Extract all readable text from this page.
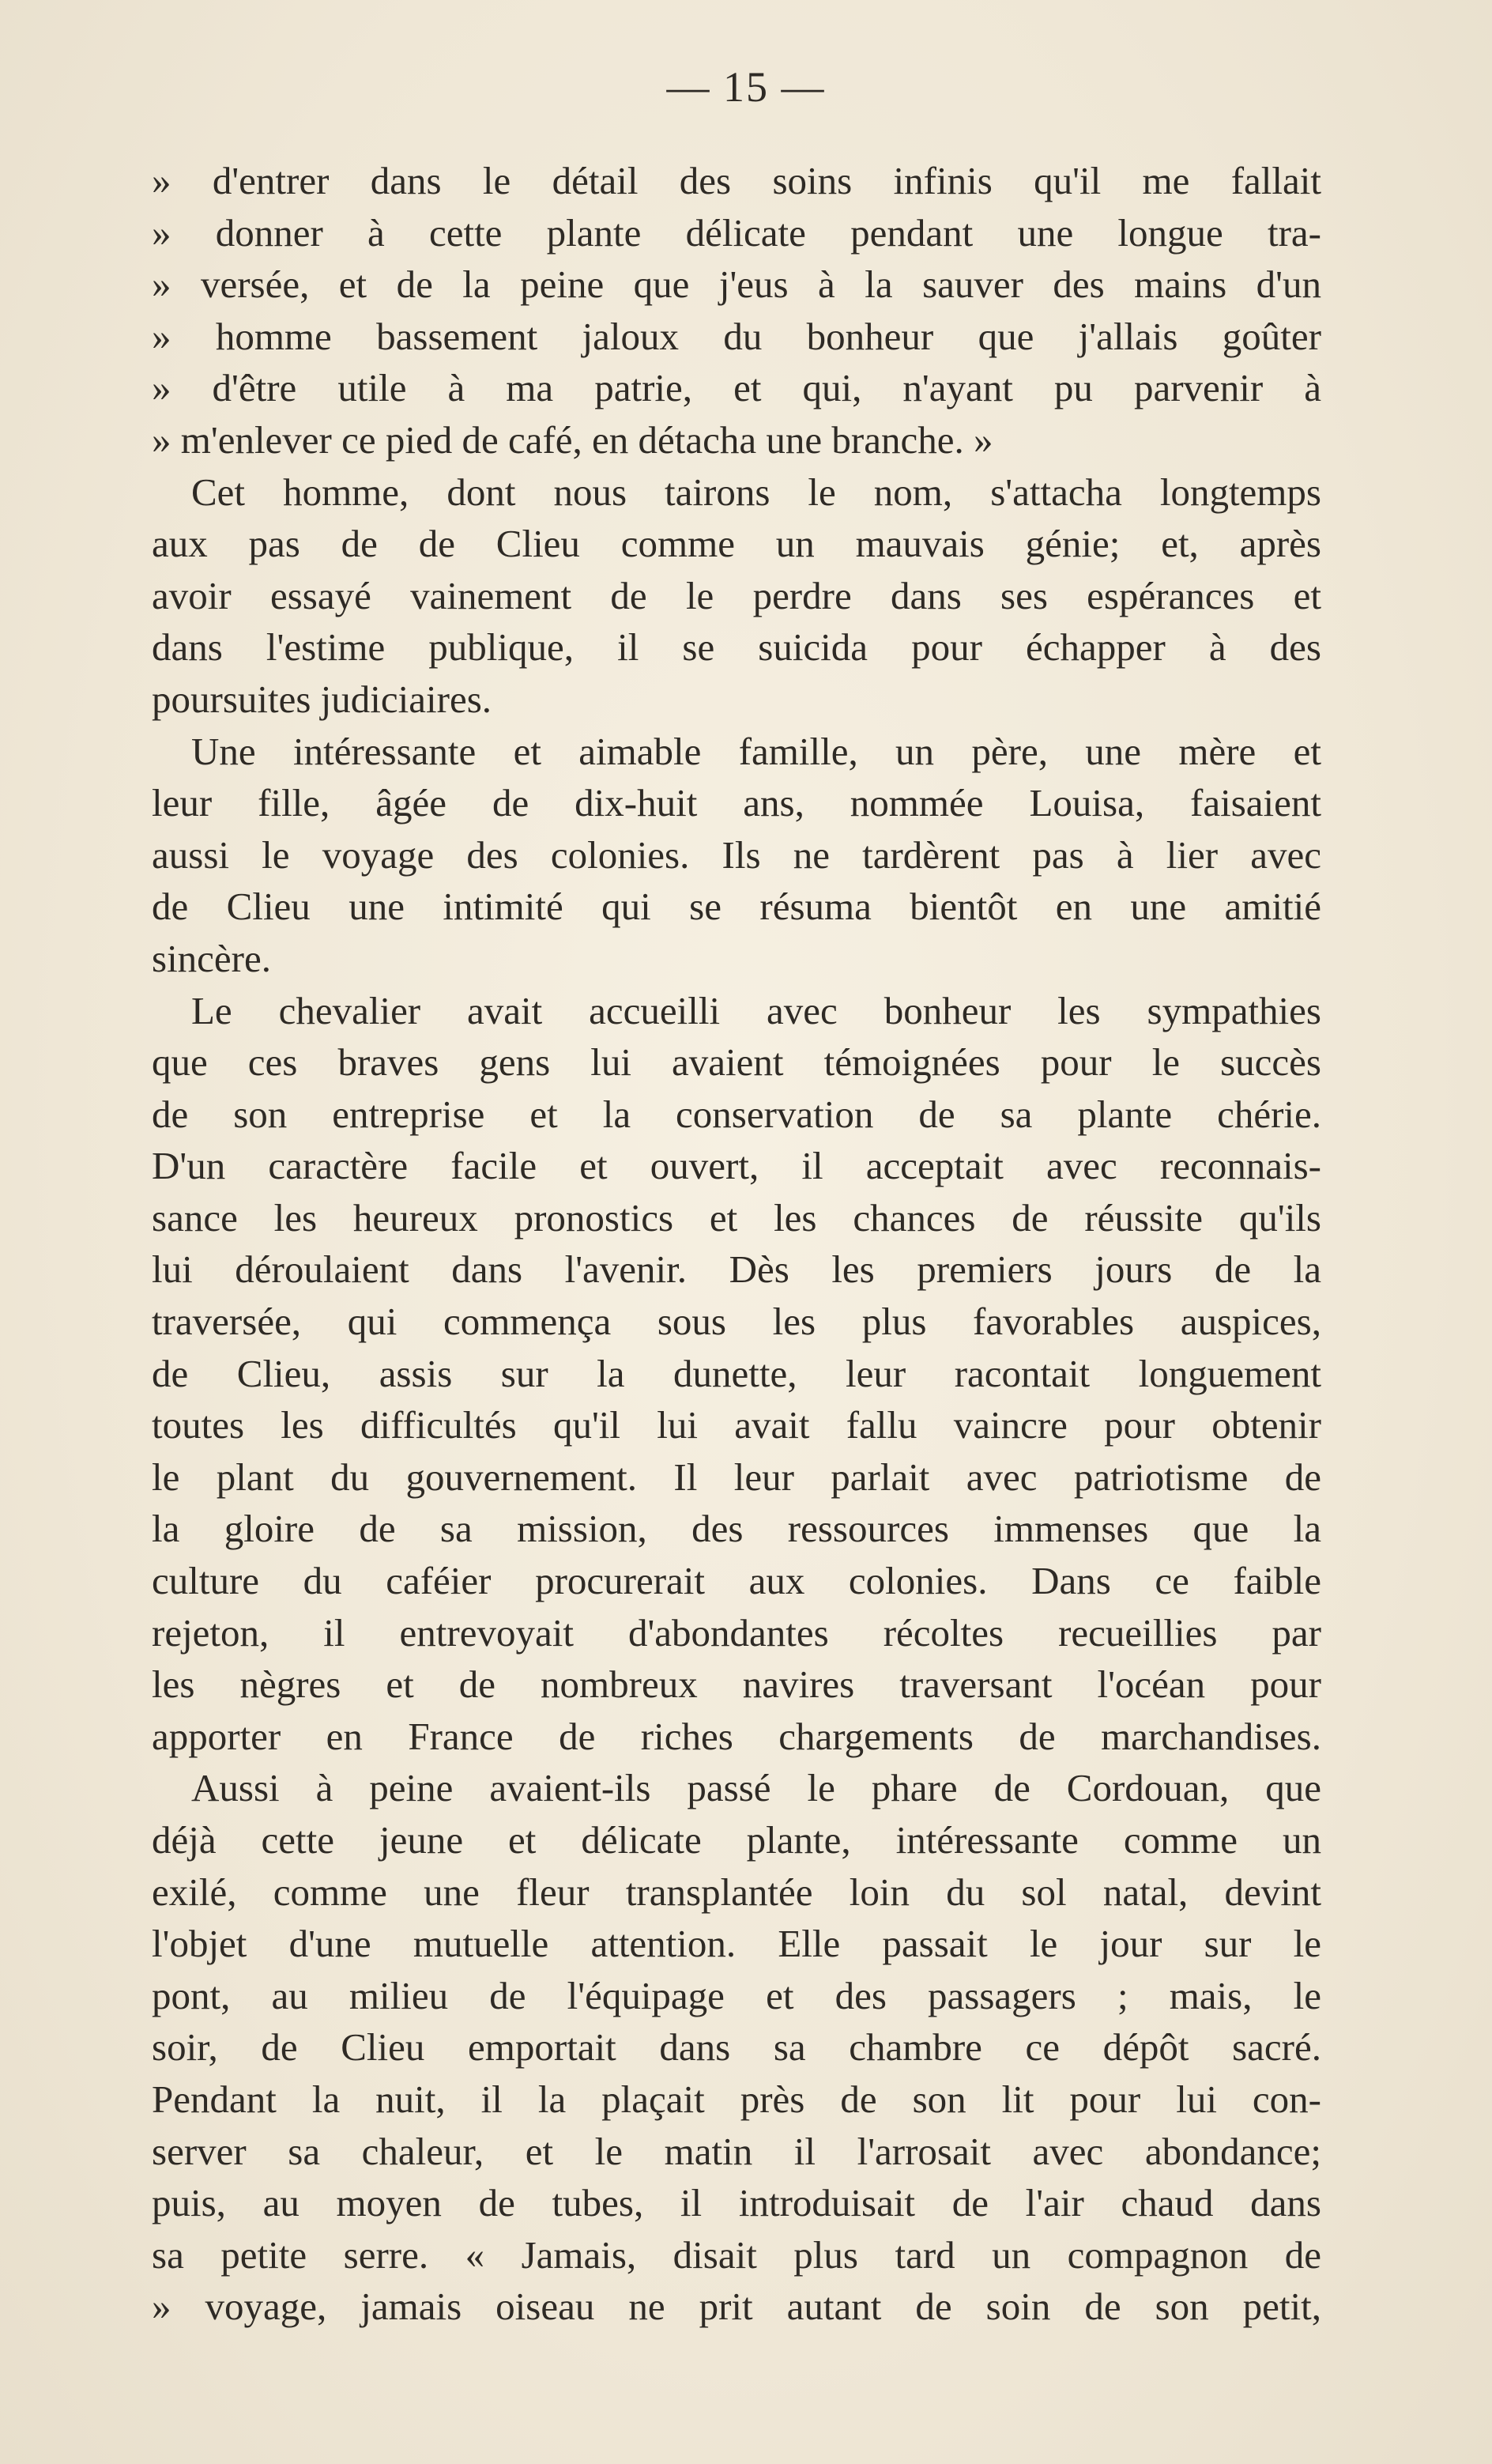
— 15 —
» d'entrer dans le détail des soins infinis qu'il me fallait
» donner à cette plante délicate pendant une longue tra-
» versée, et de la peine que j'eus à la sauver des mains d'un
» homme bassement jaloux du bonheur que j'allais goûter
» d'être utile à ma patrie, et qui, n'ayant pu parvenir à
» m'enlever ce pied de café, en détacha une branche. »
Cet homme, dont nous tairons le nom, s'attacha longtemps
aux pas de de Clieu comme un mauvais génie; et, après
avoir essayé vainement de le perdre dans ses espérances et
dans l'estime publique, il se suicida pour échapper à des
poursuites judiciaires.
Une intéressante et aimable famille, un père, une mère et
leur fille, âgée de dix-huit ans, nommée Louisa, faisaient
aussi le voyage des colonies. Ils ne tardèrent pas à lier avec
de Clieu une intimité qui se résuma bientôt en une amitié
sincère.
Le chevalier avait accueilli avec bonheur les sympathies
que ces braves gens lui avaient témoignées pour le succès
de son entreprise et la conservation de sa plante chérie.
D'un caractère facile et ouvert, il acceptait avec reconnais-
sance les heureux pronostics et les chances de réussite qu'ils
lui déroulaient dans l'avenir. Dès les premiers jours de la
traversée, qui commença sous les plus favorables auspices,
de Clieu, assis sur la dunette, leur racontait longuement
toutes les difficultés qu'il lui avait fallu vaincre pour obtenir
le plant du gouvernement. Il leur parlait avec patriotisme de
la gloire de sa mission, des ressources immenses que la
culture du caféier procurerait aux colonies. Dans ce faible
rejeton, il entrevoyait d'abondantes récoltes recueillies par
les nègres et de nombreux navires traversant l'océan pour
apporter en France de riches chargements de marchandises.
Aussi à peine avaient-ils passé le phare de Cordouan, que
déjà cette jeune et délicate plante, intéressante comme un
exilé, comme une fleur transplantée loin du sol natal, devint
l'objet d'une mutuelle attention. Elle passait le jour sur le
pont, au milieu de l'équipage et des passagers ; mais, le
soir, de Clieu emportait dans sa chambre ce dépôt sacré.
Pendant la nuit, il la plaçait près de son lit pour lui con-
server sa chaleur, et le matin il l'arrosait avec abondance;
puis, au moyen de tubes, il introduisait de l'air chaud dans
sa petite serre. « Jamais, disait plus tard un compagnon de
» voyage, jamais oiseau ne prit autant de soin de son petit,
